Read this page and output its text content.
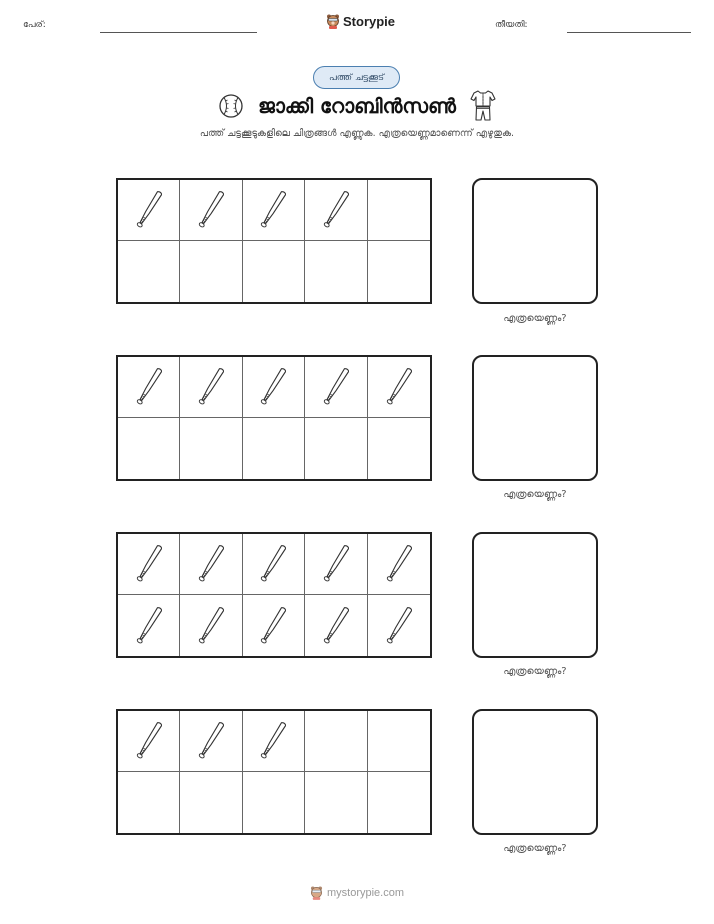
പേര്:	Storypie	തീയതി:
പത്ത് ചട്ടക്കൂട്
ജാക്കി റോബിൻസൺ
പത്ത് ചട്ടക്കൂടുകളിലെ ചിത്രങ്ങൾ എണ്ണുക. എത്രയെണ്ണമാണെന്ന് എഴുതുക.
എത്രയെണ്ണം?
എത്രയെണ്ണം?
എത്രയെണ്ണം?
എത്രയെണ്ണം?
mystorypie.com
